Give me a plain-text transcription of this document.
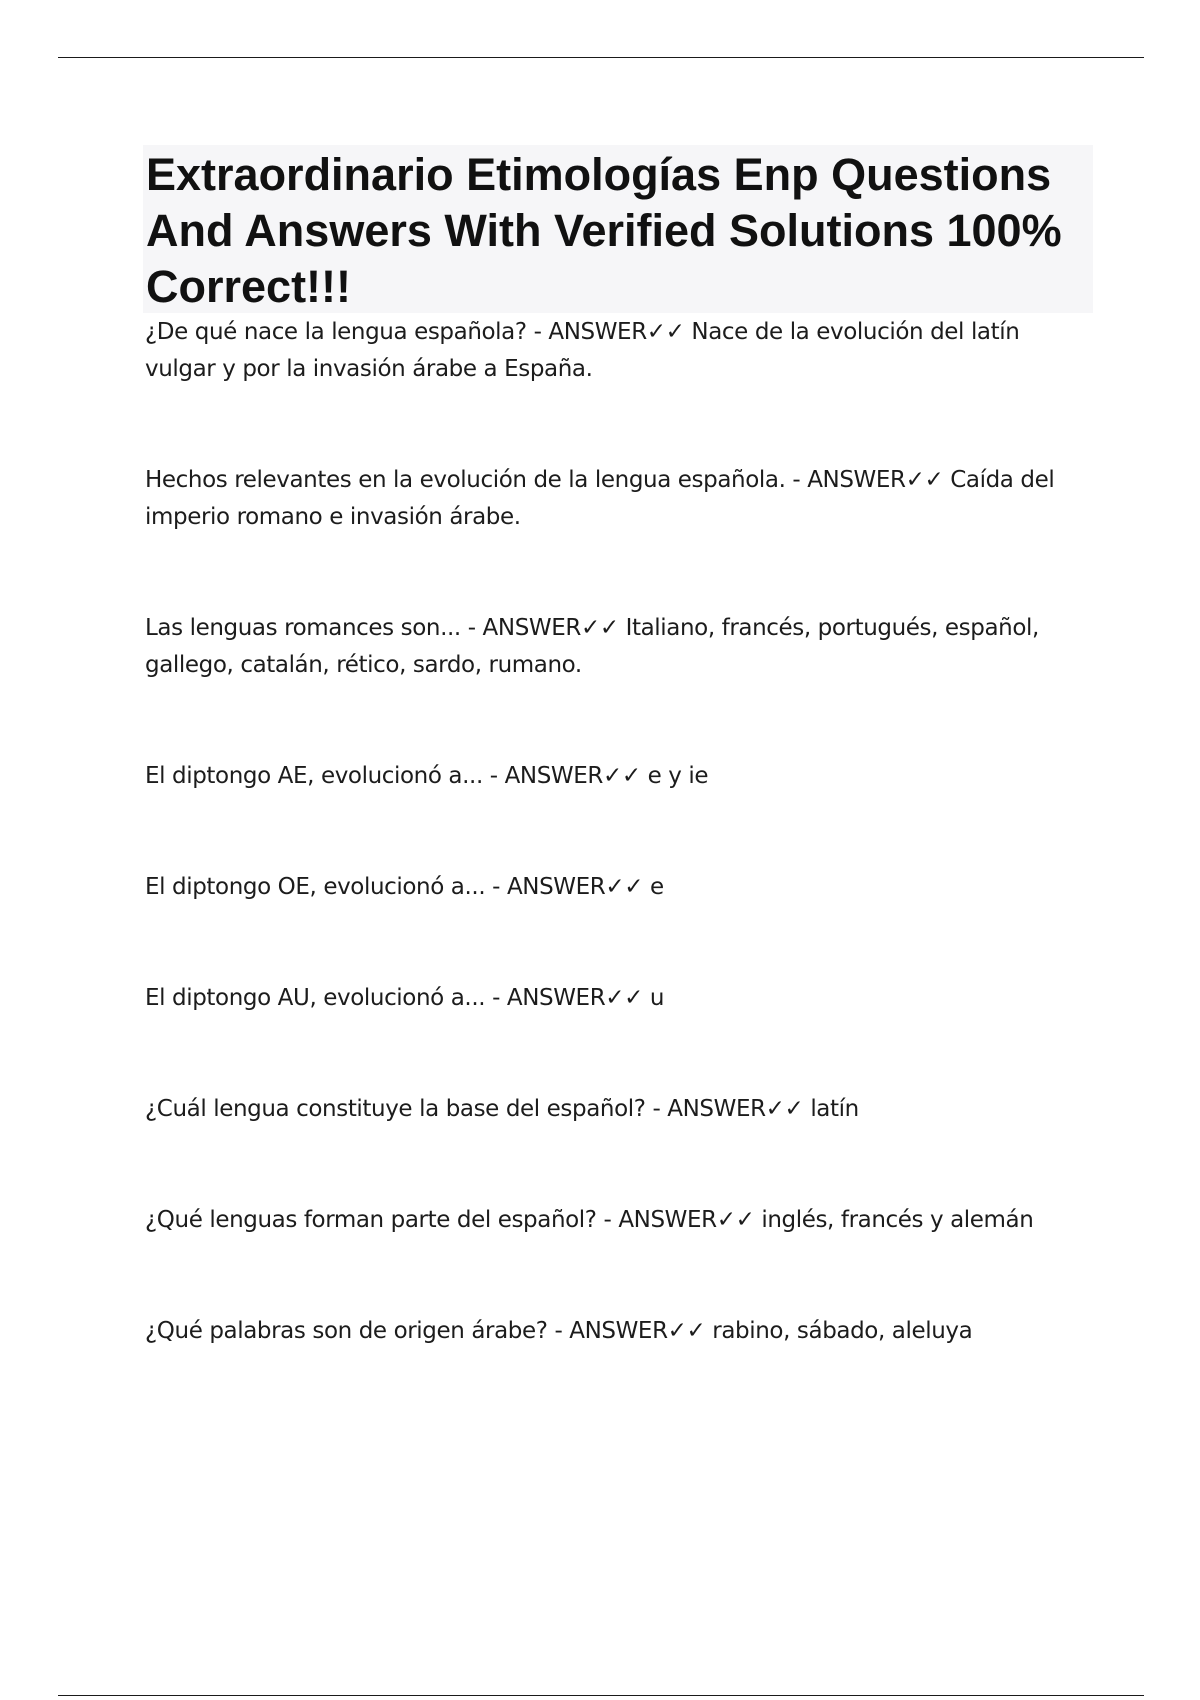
Extraordinario Etimologías Enp Questions And Answers With Verified Solutions 100% Correct!!!

¿De qué nace la lengua española? - ANSWER✓✓ Nace de la evolución del latín vulgar y por la invasión árabe a España.

Hechos relevantes en la evolución de la lengua española. - ANSWER✓✓ Caída del imperio romano e invasión árabe.

Las lenguas romances son... - ANSWER✓✓ Italiano, francés, portugués, español, gallego, catalán, rético, sardo, rumano.

El diptongo AE, evolucionó a... - ANSWER✓✓ e y ie

El diptongo OE, evolucionó a... - ANSWER✓✓ e

El diptongo AU, evolucionó a... - ANSWER✓✓ u

¿Cuál lengua constituye la base del español? - ANSWER✓✓ latín

¿Qué lenguas forman parte del español? - ANSWER✓✓ inglés, francés y alemán

¿Qué palabras son de origen árabe? - ANSWER✓✓ rabino, sábado, aleluya
